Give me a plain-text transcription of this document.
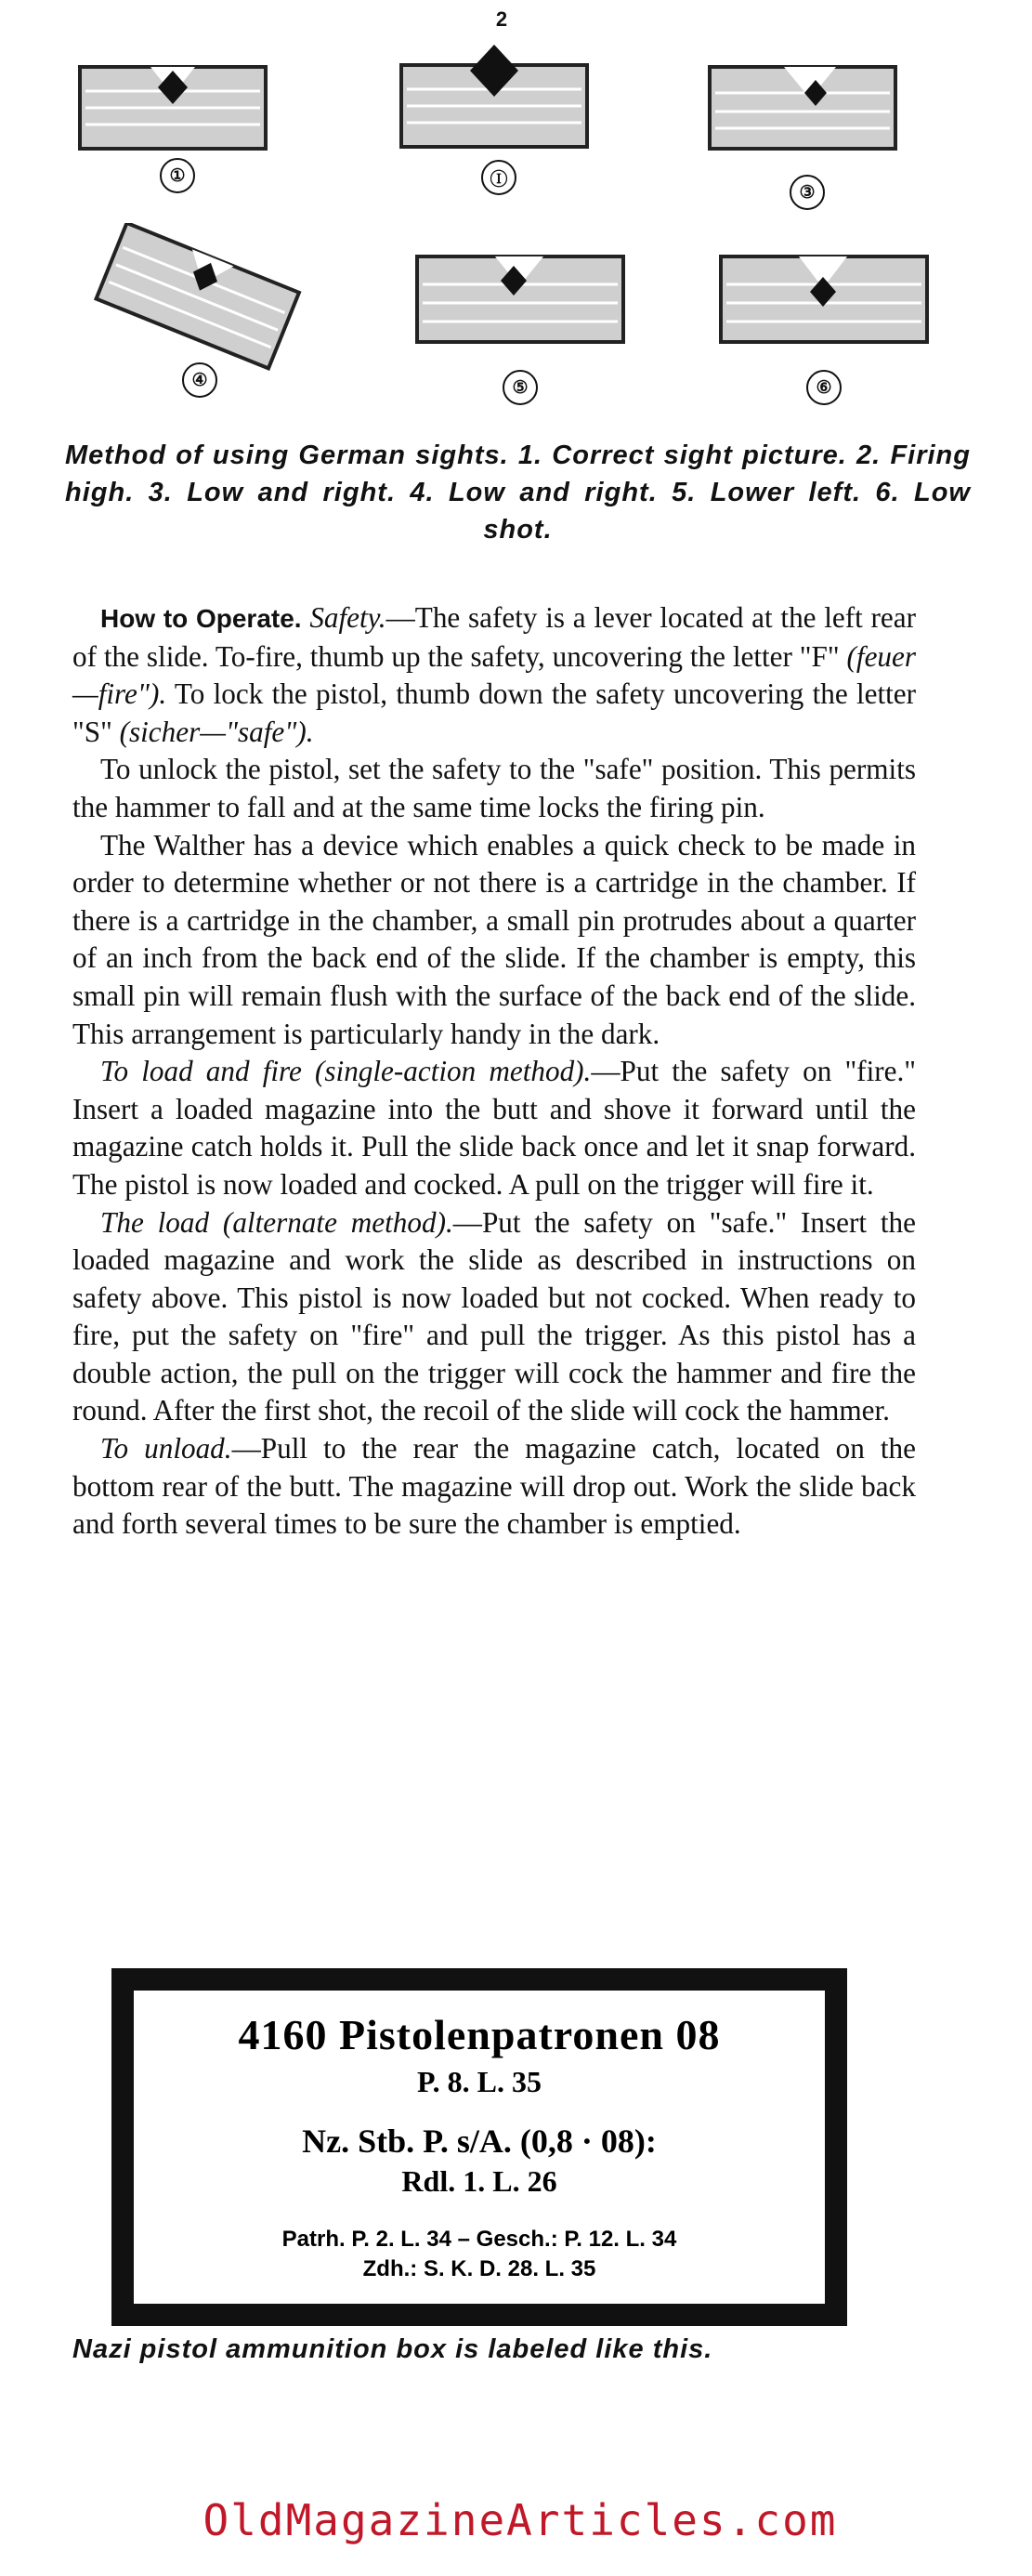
2
①	Ⓘ
③
④	⑤	⑥
Method of using German sights. 1. Correct sight picture. 2. Firing high. 3. Low and right. 4. Low and right. 5. Lower left. 6. Low shot.

How to Operate. Safety.—The safety is a lever located at the left rear of the slide. To-fire, thumb up the safety, uncovering the letter "F" (feuer—fire"). To lock the pistol, thumb down the safety uncovering the letter "S" (sicher—"safe").

To unlock the pistol, set the safety to the "safe" position. This permits the hammer to fall and at the same time locks the firing pin.

The Walther has a device which enables a quick check to be made in order to determine whether or not there is a cartridge in the chamber. If there is a cartridge in the chamber, a small pin protrudes about a quarter of an inch from the back end of the slide. If the chamber is empty, this small pin will remain flush with the surface of the back end of the slide. This arrangement is particularly handy in the dark.

To load and fire (single-action method).—Put the safety on "fire." Insert a loaded magazine into the butt and shove it forward until the magazine catch holds it. Pull the slide back once and let it snap forward. The pistol is now loaded and cocked. A pull on the trigger will fire it.

The load (alternate method).—Put the safety on "safe." Insert the loaded magazine and work the slide as described in instructions on safety above. This pistol is now loaded but not cocked. When ready to fire, put the safety on "fire" and pull the trigger. As this pistol has a double action, the pull on the trigger will cock the hammer and fire the round. After the first shot, the recoil of the slide will cock the hammer.

To unload.—Pull to the rear the magazine catch, located on the bottom rear of the butt. The magazine will drop out. Work the slide back and forth several times to be sure the chamber is emptied.

4160 Pistolenpatronen 08
P. 8. L. 35
Nz. Stb. P. s/A. (0,8 · 08):
Rdl. 1. L. 26
Patrh. P. 2. L. 34 – Gesch.: P. 12. L. 34
Zdh.: S. K. D. 28. L. 35
Nazi pistol ammunition box is labeled like this.
OldMagazineArticles.com
